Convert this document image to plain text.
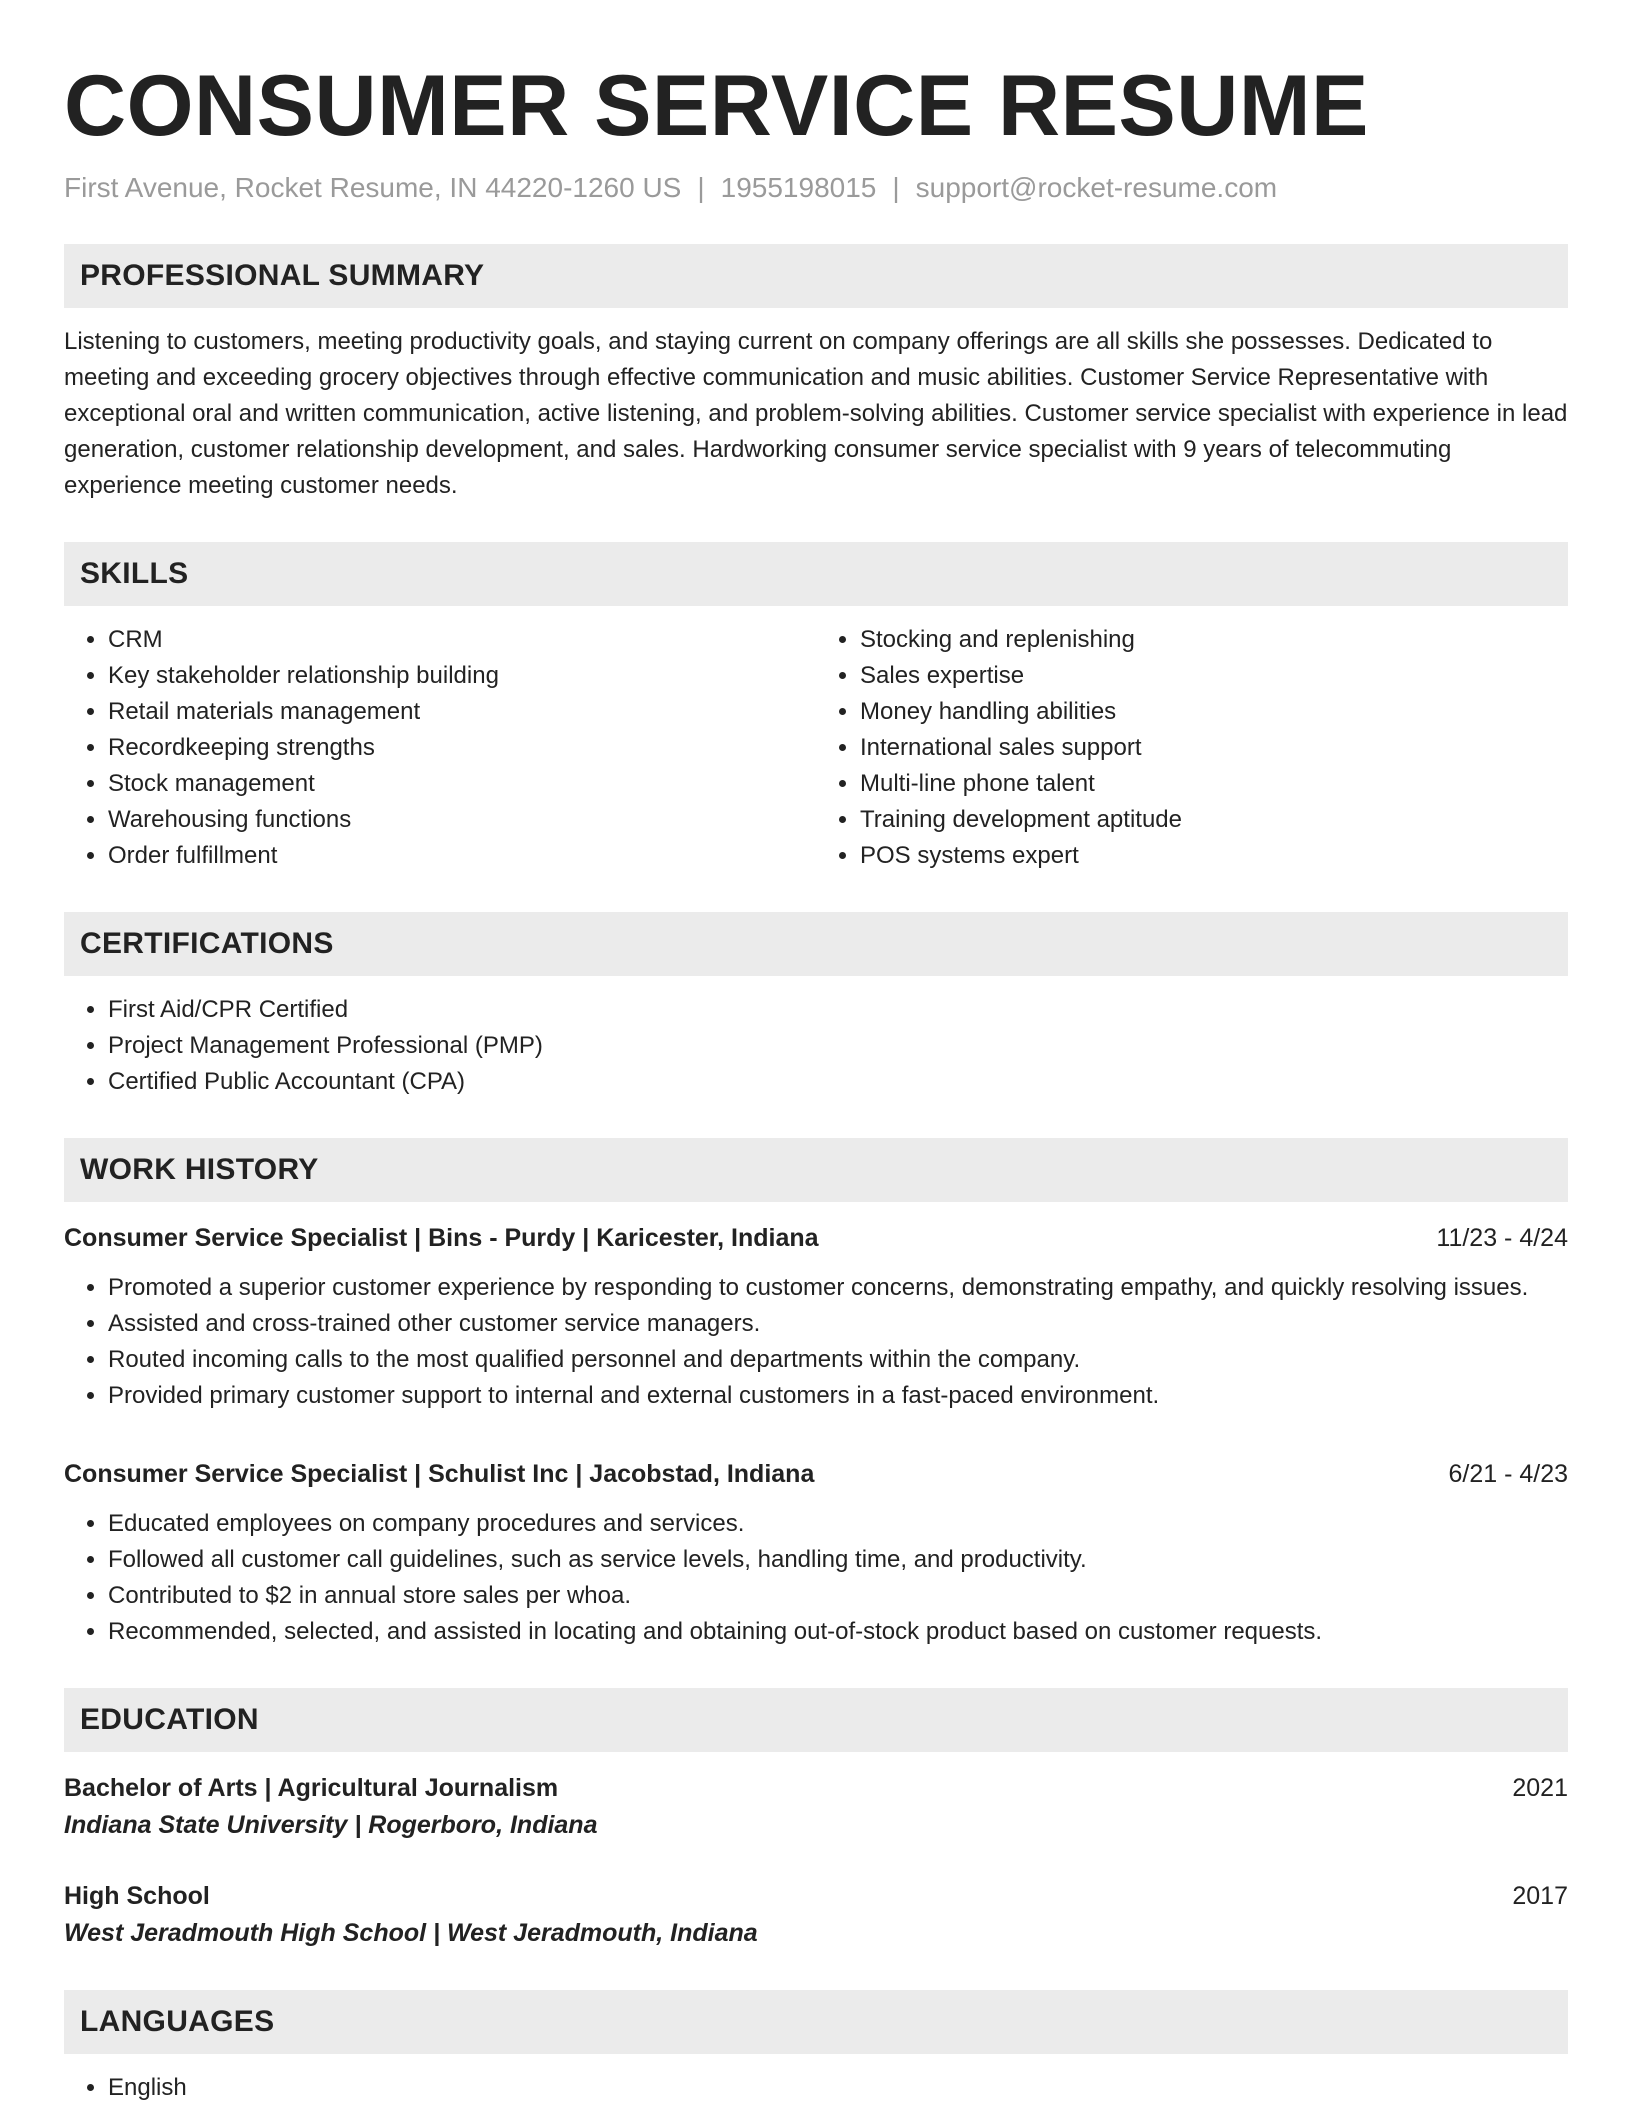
CONSUMER SERVICE RESUME
First Avenue, Rocket Resume, IN 44220-1260 US | 1955198015 | support@rocket-resume.com
PROFESSIONAL SUMMARY

Listening to customers, meeting productivity goals, and staying current on company offerings are all skills she possesses. Dedicated to meeting and exceeding grocery objectives through effective communication and music abilities. Customer Service Representative with exceptional oral and written communication, active listening, and problem-solving abilities. Customer service specialist with experience in lead generation, customer relationship development, and sales. Hardworking consumer service specialist with 9 years of telecommuting experience meeting customer needs.

SKILLS
• CRM
• Key stakeholder relationship building
• Retail materials management
• Recordkeeping strengths
• Stock management
• Warehousing functions
• Order fulfillment
• Stocking and replenishing
• Sales expertise
• Money handling abilities
• International sales support
• Multi-line phone talent
• Training development aptitude
• POS systems expert
CERTIFICATIONS
• First Aid/CPR Certified
• Project Management Professional (PMP)
• Certified Public Accountant (CPA)
WORK HISTORY
Consumer Service Specialist | Bins - Purdy | Karicester, Indiana	11/23 - 4/24
• Promoted a superior customer experience by responding to customer concerns, demonstrating empathy, and quickly resolving issues.
• Assisted and cross-trained other customer service managers.
• Routed incoming calls to the most qualified personnel and departments within the company.
• Provided primary customer support to internal and external customers in a fast-paced environment.
Consumer Service Specialist | Schulist Inc | Jacobstad, Indiana	6/21 - 4/23
• Educated employees on company procedures and services.
• Followed all customer call guidelines, such as service levels, handling time, and productivity.
• Contributed to $2 in annual store sales per whoa.
• Recommended, selected, and assisted in locating and obtaining out-of-stock product based on customer requests.
EDUCATION
Bachelor of Arts | Agricultural Journalism	2021
Indiana State University | Rogerboro, Indiana
High School	2017
West Jeradmouth High School | West Jeradmouth, Indiana
LANGUAGES
• English
